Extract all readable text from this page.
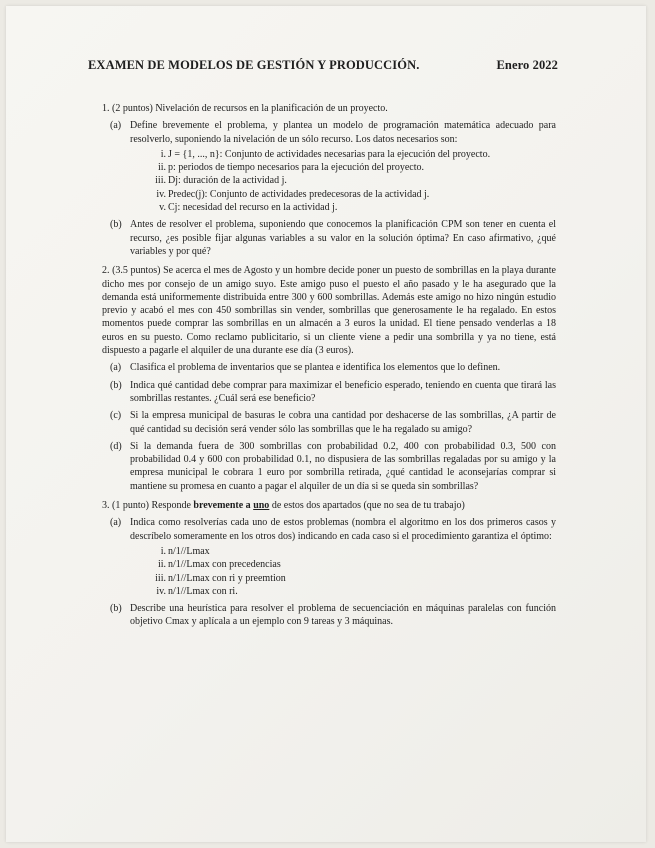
EXAMEN DE MODELOS DE GESTIÓN Y PRODUCCIÓN.	Enero 2022

1. (2 puntos) Nivelación de recursos en la planificación de un proyecto.

(a) Define brevemente el problema, y plantea un modelo de programación matemática adecuado para resolverlo, suponiendo la nivelación de un sólo recurso. Los datos necesarios son:

i. J = {1, ..., n}: Conjunto de actividades necesarias para la ejecución del proyecto.
ii. p: periodos de tiempo necesarios para la ejecución del proyecto.
iii. Dj: duración de la actividad j.
iv. Predec(j): Conjunto de actividades predecesoras de la actividad j.
v. Cj: necesidad del recurso en la actividad j.
(b) Antes de resolver el problema, suponiendo que conocemos la planificación CPM son tener en cuenta el recurso, ¿es posible fijar algunas variables a su valor en la solución óptima? En caso afirmativo, ¿qué variables y por qué?

2. (3.5 puntos) Se acerca el mes de Agosto y un hombre decide poner un puesto de sombrillas en la playa durante dicho mes por consejo de un amigo suyo. Este amigo puso el puesto el año pasado y le ha asegurado que la demanda está uniformemente distribuida entre 300 y 600 sombrillas. Además este amigo no hizo ningún estudio previo y acabó el mes con 450 sombrillas sin vender, sombrillas que generosamente le ha regalado. En estos momentos puede comprar las sombrillas en un almacén a 3 euros la unidad. El tiene pensado venderlas a 18 euros en su puesto. Como reclamo publicitario, si un cliente viene a pedir una sombrilla y ya no tiene, está dispuesto a pagarle el alquiler de una durante ese día (3 euros).

(a) Clasifica el problema de inventarios que se plantea e identifica los elementos que lo definen.

(b) Indica qué cantidad debe comprar para maximizar el beneficio esperado, teniendo en cuenta que tirará las sombrillas restantes. ¿Cuál será ese beneficio?

(c) Si la empresa municipal de basuras le cobra una cantidad por deshacerse de las sombrillas, ¿A partir de qué cantidad su decisión será vender sólo las sombrillas que le ha regalado su amigo?

(d) Si la demanda fuera de 300 sombrillas con probabilidad 0.2, 400 con probabilidad 0.3, 500 con probabilidad 0.4 y 600 con probabilidad 0.1, no dispusiera de las sombrillas regaladas por su amigo y la empresa municipal le cobrara 1 euro por sombrilla retirada, ¿qué cantidad le aconsejarías comprar si mantiene su promesa en cuanto a pagar el alquiler de un día si se queda sin sombrillas?

3. (1 punto) Responde brevemente a uno de estos dos apartados (que no sea de tu trabajo)

(a) Indica como resolverías cada uno de estos problemas (nombra el algoritmo en los dos primeros casos y descríbelo someramente en los otros dos) indicando en cada caso si el procedimiento garantiza el óptimo:

i. n/1//Lmax
ii. n/1//Lmax con precedencias
iii. n/1//Lmax con ri y preemtion
iv. n/1//Lmax con ri.
(b) Describe una heurística para resolver el problema de secuenciación en máquinas paralelas con función objetivo Cmax y aplícala a un ejemplo con 9 tareas y 3 máquinas.
